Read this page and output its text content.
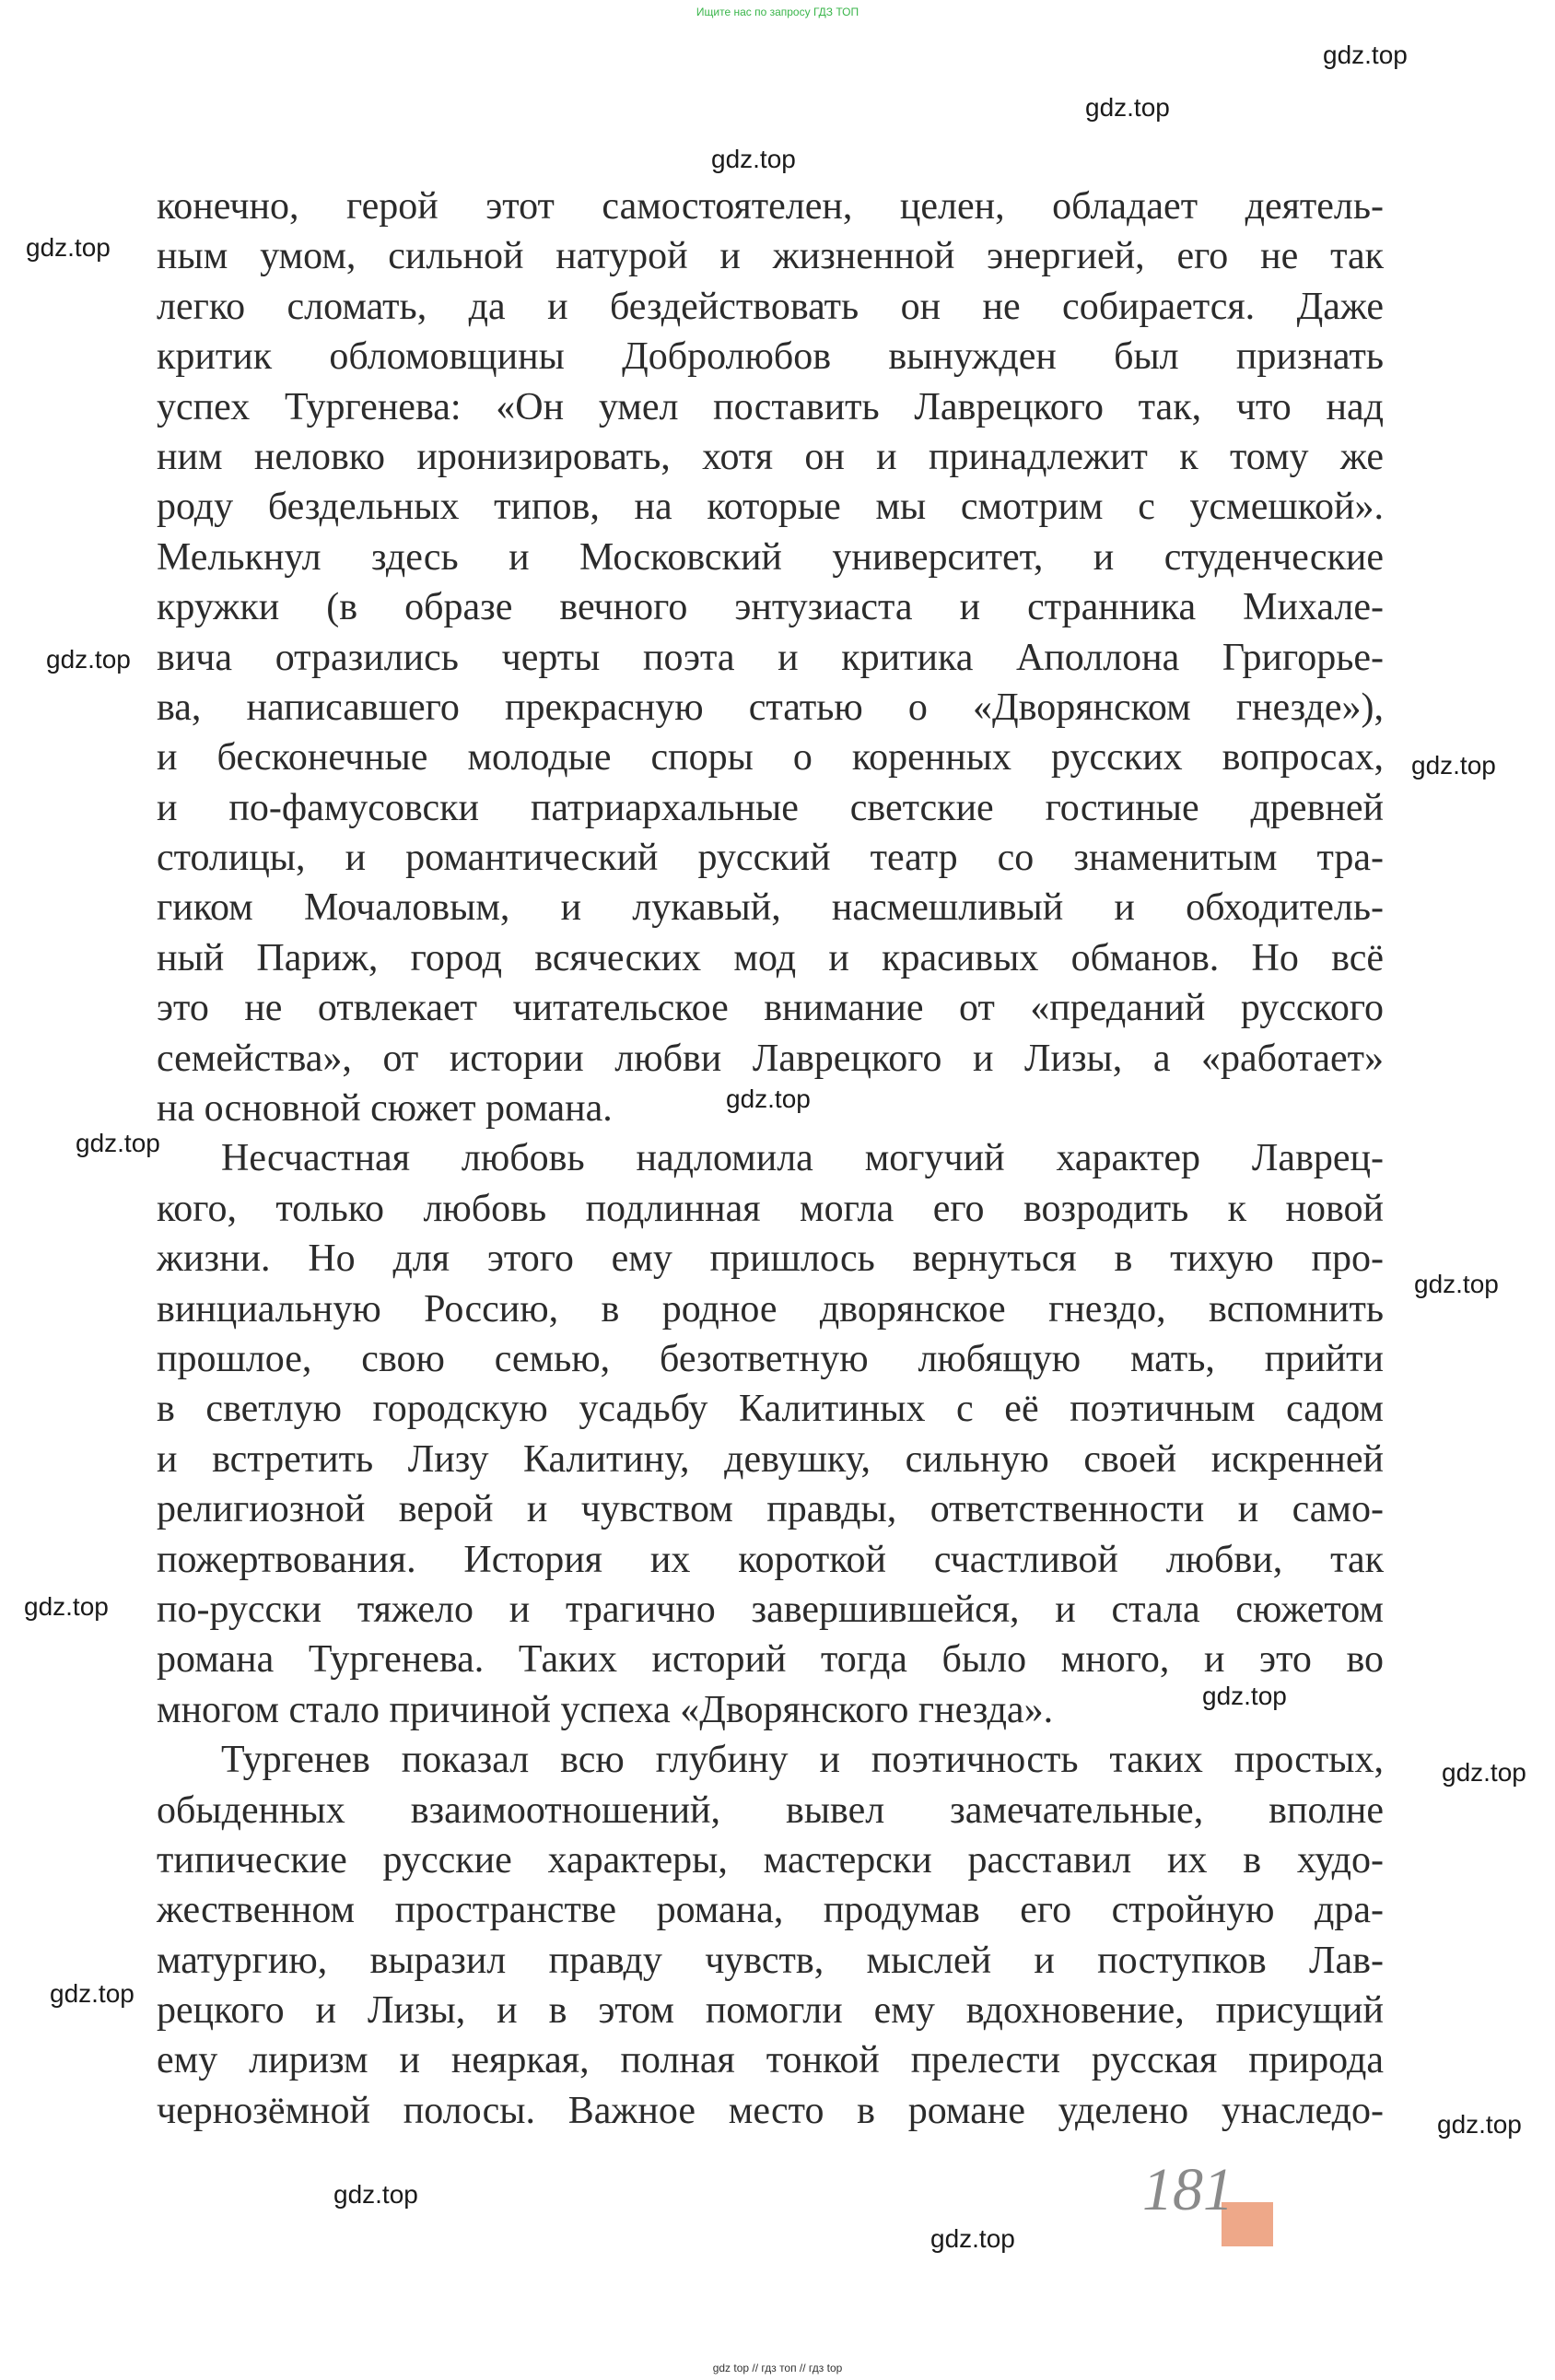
Ищите нас по запросу ГДЗ ТОП
gdz.top
gdz.top
gdz.top
gdz.top
gdz.top
gdz.top
gdz.top
gdz.top
gdz.top
gdz.top
gdz.top
gdz.top
gdz.top
gdz.top
gdz.top
gdz.top
конечно, герой этот самостоятелен, целен, обладает деятель-
ным умом, сильной натурой и жизненной энергией, его не так
легко сломать, да и бездействовать он не собирается. Даже
критик обломовщины Добролюбов вынужден был признать
успех Тургенева: «Он умел поставить Лаврецкого так, что над
ним неловко иронизировать, хотя он и принадлежит к тому же
роду бездельных типов, на которые мы смотрим с усмешкой».
Мелькнул здесь и Московский университет, и студенческие
кружки (в образе вечного энтузиаста и странника Михале-
вича отразились черты поэта и критика Аполлона Григорье-
ва, написавшего прекрасную статью о «Дворянском гнезде»),
и бесконечные молодые споры о коренных русских вопросах,
и по-фамусовски патриархальные светские гостиные древней
столицы, и романтический русский театр со знаменитым тра-
гиком Мочаловым, и лукавый, насмешливый и обходитель-
ный Париж, город всяческих мод и красивых обманов. Но всё
это не отвлекает читательское внимание от «преданий русского
семейства», от истории любви Лаврецкого и Лизы, а «работает»
на основной сюжет романа.
Несчастная любовь надломила могучий характер Лаврец-
кого, только любовь подлинная могла его возродить к новой
жизни. Но для этого ему пришлось вернуться в тихую про-
винциальную Россию, в родное дворянское гнездо, вспомнить
прошлое, свою семью, безответную любящую мать, прийти
в светлую городскую усадьбу Калитиных с её поэтичным садом
и встретить Лизу Калитину, девушку, сильную своей искренней
религиозной верой и чувством правды, ответственности и само-
пожертвования. История их короткой счастливой любви, так
по-русски тяжело и трагично завершившейся, и стала сюжетом
романа Тургенева. Таких историй тогда было много, и это во
многом стало причиной успеха «Дворянского гнезда».
Тургенев показал всю глубину и поэтичность таких простых,
обыденных взаимоотношений, вывел замечательные, вполне
типические русские характеры, мастерски расставил их в худо-
жественном пространстве романа, продумав его стройную дра-
матургию, выразил правду чувств, мыслей и поступков Лав-
рецкого и Лизы, и в этом помогли ему вдохновение, присущий
ему лиризм и неяркая, полная тонкой прелести русская природа
чернозёмной полосы. Важное место в романе уделено унаследо-
181
gdz top // гдз топ // гдз top
